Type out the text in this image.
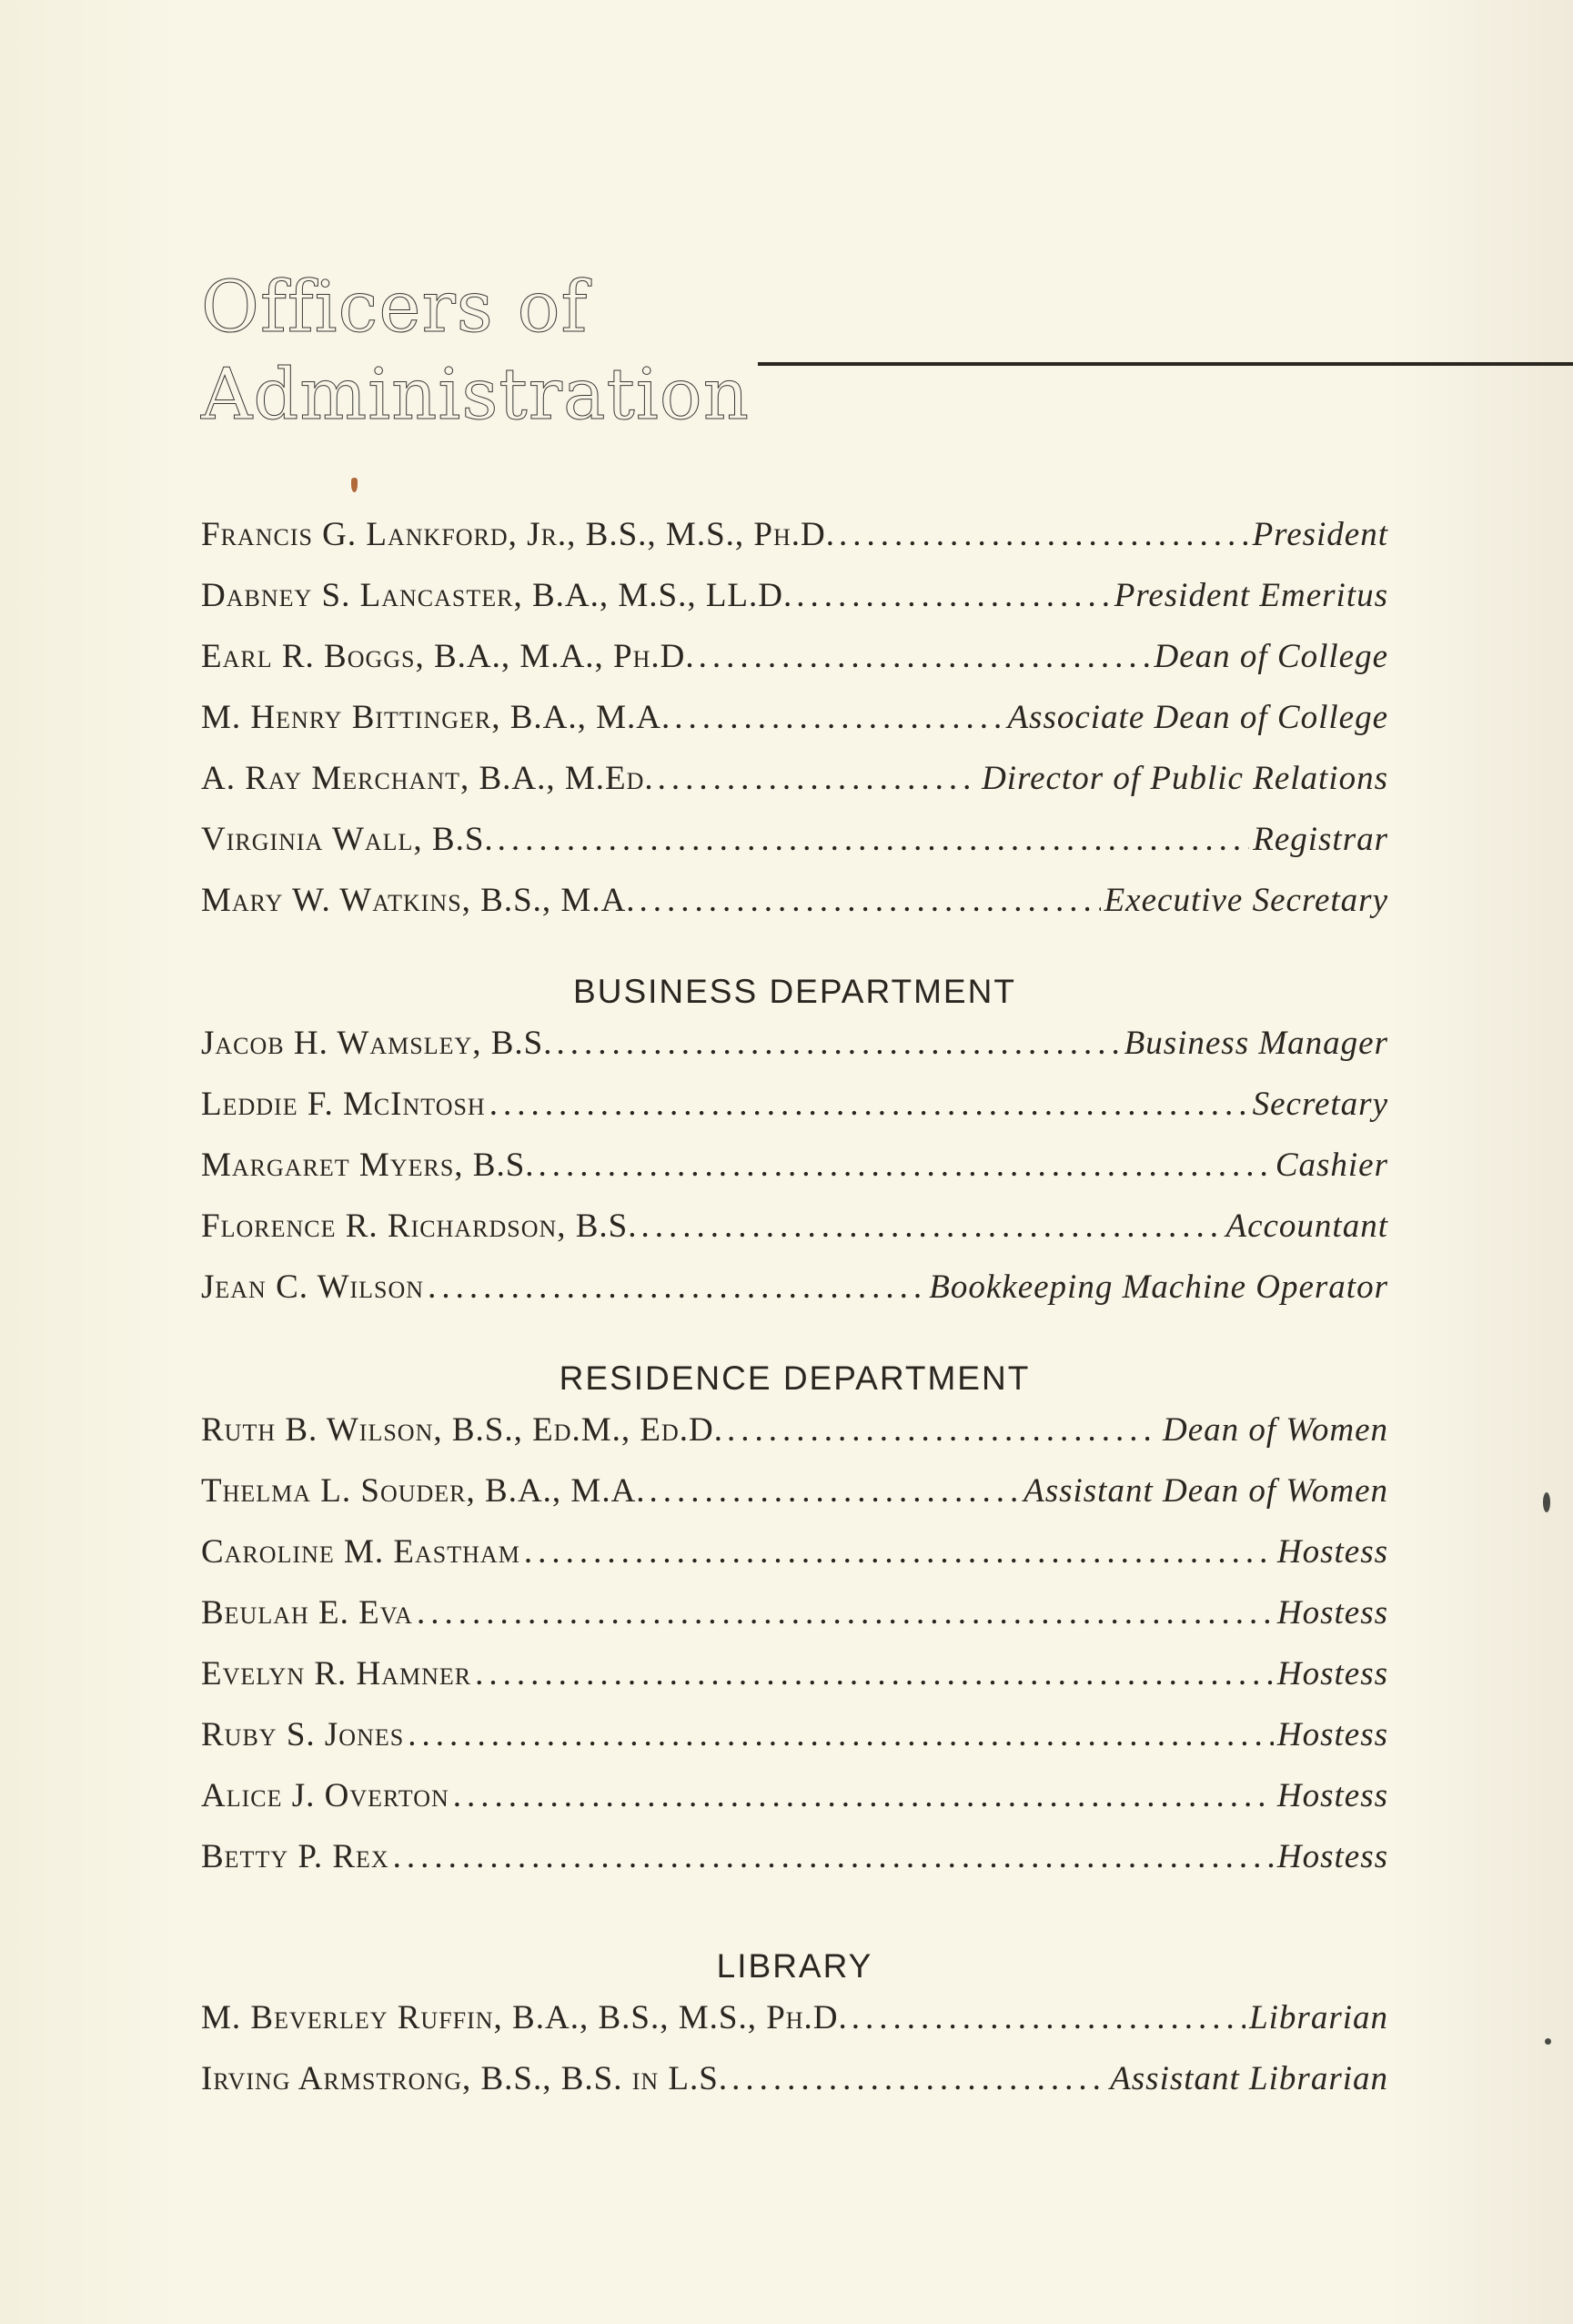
Officers of
Administration
Francis G. Lankford, Jr., B.S., M.S., Ph.D. .....	President
Dabney S. Lancaster, B.A., M.S., LL.D. .....	President Emeritus
Earl R. Boggs, B.A., M.A., Ph.D. .....	Dean of College
M. Henry Bittinger, B.A., M.A. .....	Associate Dean of College
A. Ray Merchant, B.A., M.Ed. .....	Director of Public Relations
Virginia Wall, B.S. .....	Registrar
Mary W. Watkins, B.S., M.A. .....	Executive Secretary
BUSINESS DEPARTMENT
Jacob H. Wamsley, B.S. .....	Business Manager
Leddie F. McIntosh .....	Secretary
Margaret Myers, B.S. .....	Cashier
Florence R. Richardson, B.S. .....	Accountant
Jean C. Wilson .....	Bookkeeping Machine Operator
RESIDENCE DEPARTMENT
Ruth B. Wilson, B.S., Ed.M., Ed.D. .....	Dean of Women
Thelma L. Souder, B.A., M.A. .....	Assistant Dean of Women
Caroline M. Eastham .....	Hostess
Beulah E. Eva .....	Hostess
Evelyn R. Hamner .....	Hostess
Ruby S. Jones .....	Hostess
Alice J. Overton .....	Hostess
Betty P. Rex .....	Hostess
LIBRARY
M. Beverley Ruffin, B.A., B.S., M.S., Ph.D. .....	Librarian
Irving Armstrong, B.S., B.S. in L.S. .....	Assistant Librarian
